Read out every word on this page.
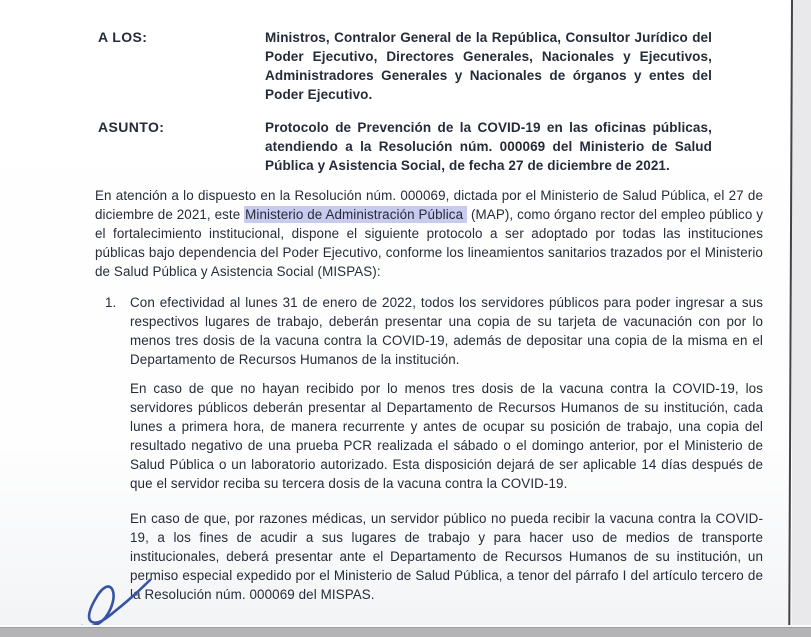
A LOS:	Ministros, Contralor General de la República, Consultor Jurídico del Poder Ejecutivo, Directores Generales, Nacionales y Ejecutivos, Administradores Generales y Nacionales de órganos y entes del Poder Ejecutivo.
ASUNTO:	Protocolo de Prevención de la COVID-19 en las oficinas públicas, atendiendo a la Resolución núm. 000069 del Ministerio de Salud Pública y Asistencia Social, de fecha 27 de diciembre de 2021.

En atención a lo dispuesto en la Resolución núm. 000069, dictada por el Ministerio de Salud Pública, el 27 de diciembre de 2021, este Ministerio de Administración Pública (MAP), como órgano rector del empleo público y el fortalecimiento institucional, dispone el siguiente protocolo a ser adoptado por todas las instituciones públicas bajo dependencia del Poder Ejecutivo, conforme los lineamientos sanitarios trazados por el Ministerio de Salud Pública y Asistencia Social (MISPAS):

1.	Con efectividad al lunes 31 de enero de 2022, todos los servidores públicos para poder ingresar a sus respectivos lugares de trabajo, deberán presentar una copia de su tarjeta de vacunación con por lo menos tres dosis de la vacuna contra la COVID-19, además de depositar una copia de la misma en el Departamento de Recursos Humanos de la institución.

En caso de que no hayan recibido por lo menos tres dosis de la vacuna contra la COVID-19, los servidores públicos deberán presentar al Departamento de Recursos Humanos de su institución, cada lunes a primera hora, de manera recurrente y antes de ocupar su posición de trabajo, una copia del resultado negativo de una prueba PCR realizada el sábado o el domingo anterior, por el Ministerio de Salud Pública o un laboratorio autorizado. Esta disposición dejará de ser aplicable 14 días después de que el servidor reciba su tercera dosis de la vacuna contra la COVID-19.

En caso de que, por razones médicas, un servidor público no pueda recibir la vacuna contra la COVID-19, a los fines de acudir a sus lugares de trabajo y para hacer uso de medios de transporte institucionales, deberá presentar ante el Departamento de Recursos Humanos de su institución, un permiso especial expedido por el Ministerio de Salud Pública, a tenor del párrafo I del artículo tercero de la Resolución núm. 000069 del MISPAS.
